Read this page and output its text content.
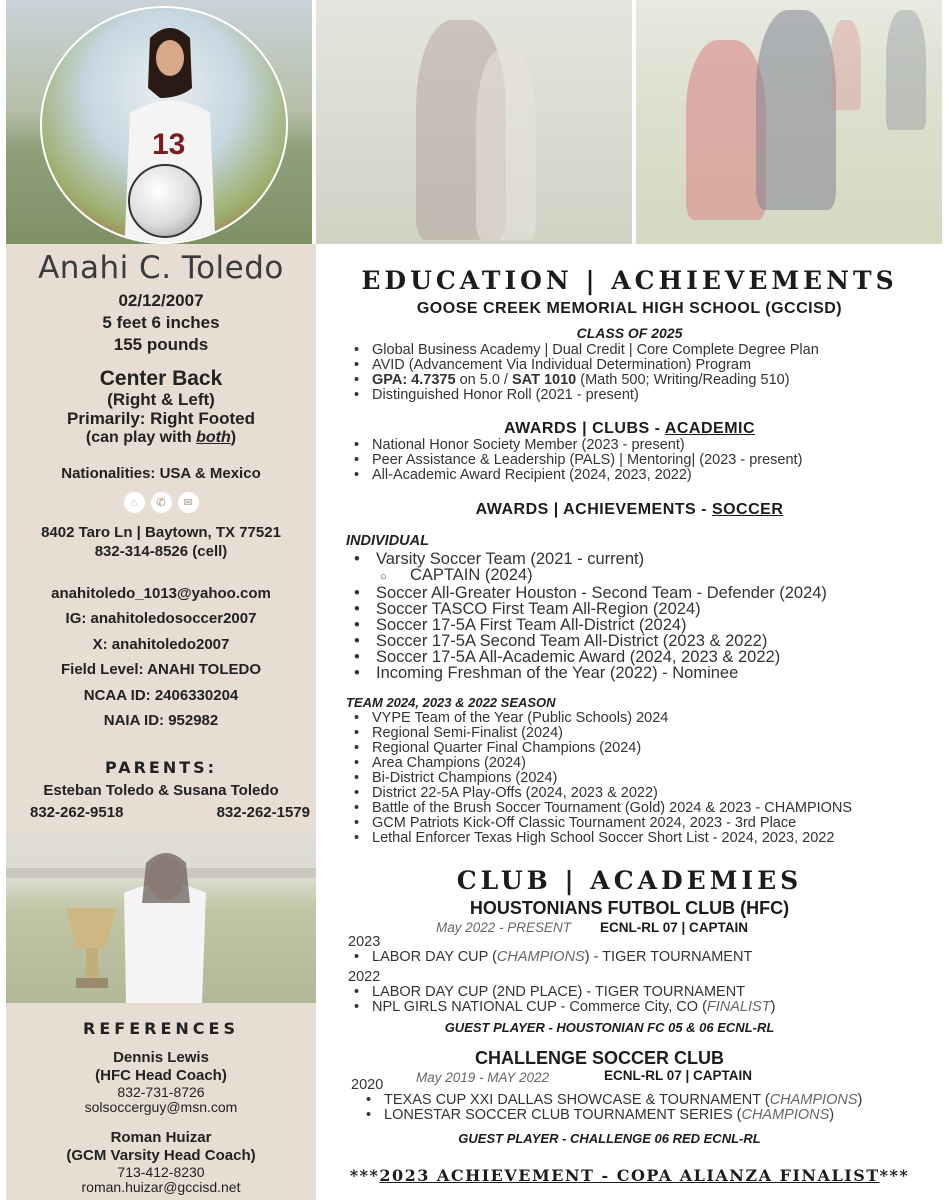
13
Anahi C. Toledo
02/12/2007
5 feet 6 inches
155 pounds
Center Back
(Right & Left)
Primarily: Right Footed
(can play with both)
Nationalities: USA & Mexico
⌂	✆	✉
8402 Taro Ln | Baytown, TX 77521
832-314-8526 (cell)
anahitoledo_1013@yahoo.com
IG: anahitoledosoccer2007
X: anahitoledo2007
Field Level: ANAHI TOLEDO
NCAA ID: 2406330204
NAIA ID: 952982
PARENTS:
Esteban Toledo & Susana Toledo
832-262-9518	832-262-1579
REFERENCES
Dennis Lewis
(HFC Head Coach)
832-731-8726
solsoccerguy@msn.com
Roman Huizar
(GCM Varsity Head Coach)
713-412-8230
roman.huizar@gccisd.net
EDUCATION | ACHIEVEMENTS
GOOSE CREEK MEMORIAL HIGH SCHOOL (GCCISD)
CLASS OF 2025
• Global Business Academy | Dual Credit | Core Complete Degree Plan
• AVID (Advancement Via Individual Determination) Program
• GPA: 4.7375 on 5.0 / SAT 1010 (Math 500; Writing/Reading 510)
• Distinguished Honor Roll (2021 - present)
AWARDS | CLUBS - ACADEMIC
• National Honor Society Member (2023 - present)
• Peer Assistance & Leadership (PALS) | Mentoring| (2023 - present)
• All-Academic Award Recipient (2024, 2023, 2022)
AWARDS | ACHIEVEMENTS - SOCCER
INDIVIDUAL
• Varsity Soccer Team (2021 - current)
○ CAPTAIN (2024)
• Soccer All-Greater Houston - Second Team - Defender (2024)
• Soccer TASCO First Team All-Region (2024)
• Soccer 17-5A First Team All-District (2024)
• Soccer 17-5A Second Team All-District (2023 & 2022)
• Soccer 17-5A All-Academic Award (2024, 2023 & 2022)
• Incoming Freshman of the Year (2022) - Nominee
TEAM 2024, 2023 & 2022 SEASON
• VYPE Team of the Year (Public Schools) 2024
• Regional Semi-Finalist (2024)
• Regional Quarter Final Champions (2024)
• Area Champions (2024)
• Bi-District Champions (2024)
• District 22-5A Play-Offs (2024, 2023 & 2022)
• Battle of the Brush Soccer Tournament (Gold) 2024 & 2023 - CHAMPIONS
• GCM Patriots Kick-Off Classic Tournament 2024, 2023 - 3rd Place
• Lethal Enforcer Texas High School Soccer Short List - 2024, 2023, 2022
CLUB | ACADEMIES
HOUSTONIANS FUTBOL CLUB (HFC)
May 2022 - PRESENT ECNL-RL 07 | CAPTAIN
2023
• LABOR DAY CUP (CHAMPIONS) - TIGER TOURNAMENT
2022
• LABOR DAY CUP (2ND PLACE) - TIGER TOURNAMENT
• NPL GIRLS NATIONAL CUP - Commerce City, CO (FINALIST)
GUEST PLAYER - HOUSTONIAN FC 05 & 06 ECNL-RL
CHALLENGE SOCCER CLUB
2020 May 2019 - MAY 2022	ECNL-RL 07 | CAPTAIN
• TEXAS CUP XXI DALLAS SHOWCASE & TOURNAMENT (CHAMPIONS)
• LONESTAR SOCCER CLUB TOURNAMENT SERIES (CHAMPIONS)
GUEST PLAYER - CHALLENGE 06 RED ECNL-RL
***2023 ACHIEVEMENT - COPA ALIANZA FINALIST***
